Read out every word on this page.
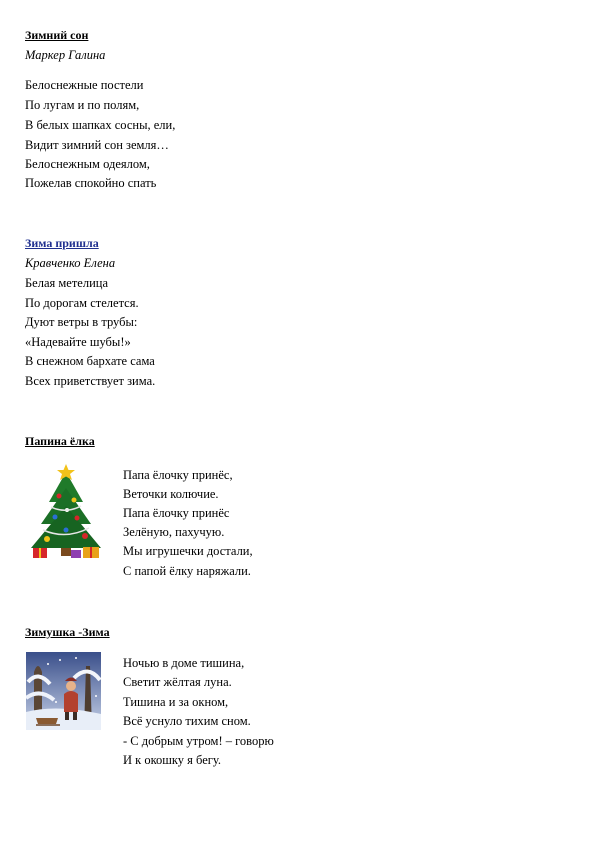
Зимний сон
Маркер Галина
Белоснежные постели
По лугам и по полям,
В белых шапках сосны, ели,
Видит зимний сон земля…
Белоснежным одеялом,
Пожелав спокойно спать
Зима пришла
Кравченко Елена
Белая метелица
По дорогам стелется.
Дуют ветры в трубы:
«Надевайте шубы!»
В снежном бархате сама
Всех приветствует зима.
Папина ёлка
Папа ёлочку принёс,
Веточки колючие.
Папа ёлочку принёс
Зелёную, пахучую.
Мы игрушечки достали,
С папой ёлку наряжали.
Зимушка -Зима
Ночью в доме тишина,
Светит жёлтая луна.
Тишина и за окном,
Всё уснуло тихим сном.
- С добрым утром! – говорю
И к окошку я бегу.
